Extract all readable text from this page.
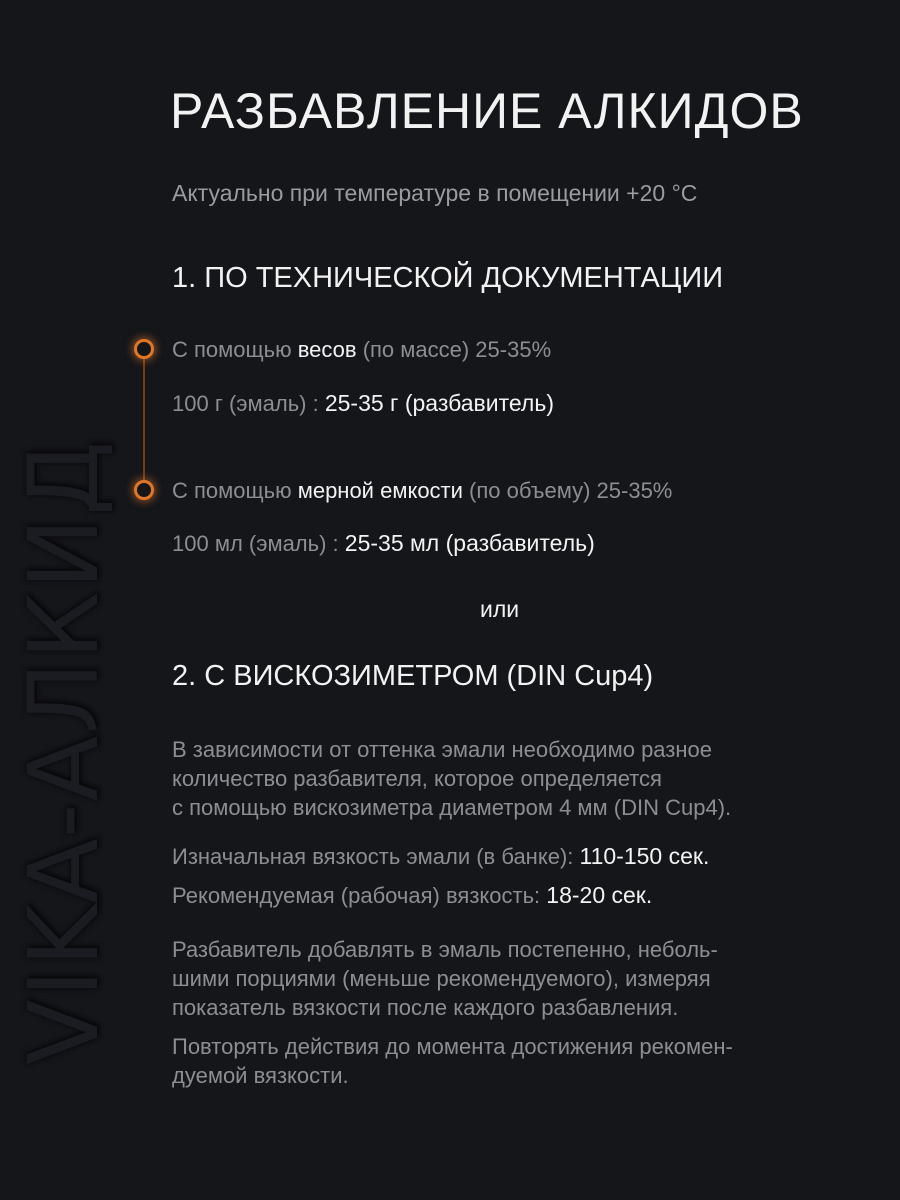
VIKA-АЛКИД
РАЗБАВЛЕНИЕ АЛКИДОВ
Актуально при температуре в помещении +20 °С
1. ПО ТЕХНИЧЕСКОЙ ДОКУМЕНТАЦИИ
С помощью весов (по массе) 25-35%
100 г (эмаль) : 25-35 г (разбавитель)
С помощью мерной емкости (по объему) 25-35%
100 мл (эмаль) : 25-35 мл (разбавитель)
или
2. С ВИСКОЗИМЕТРОМ (DIN Cup4)
В зависимости от оттенка эмали необходимо разное
количество разбавителя, которое определяется
с помощью вискозиметра диаметром 4 мм (DIN Cup4).
Изначальная вязкость эмали (в банке): 110-150 сек.
Рекомендуемая (рабочая) вязкость: 18-20 сек.
Разбавитель добавлять в эмаль постепенно, неболь-
шими порциями (меньше рекомендуемого), измеряя
показатель вязкости после каждого разбавления.
Повторять действия до момента достижения рекомен-
дуемой вязкости.
